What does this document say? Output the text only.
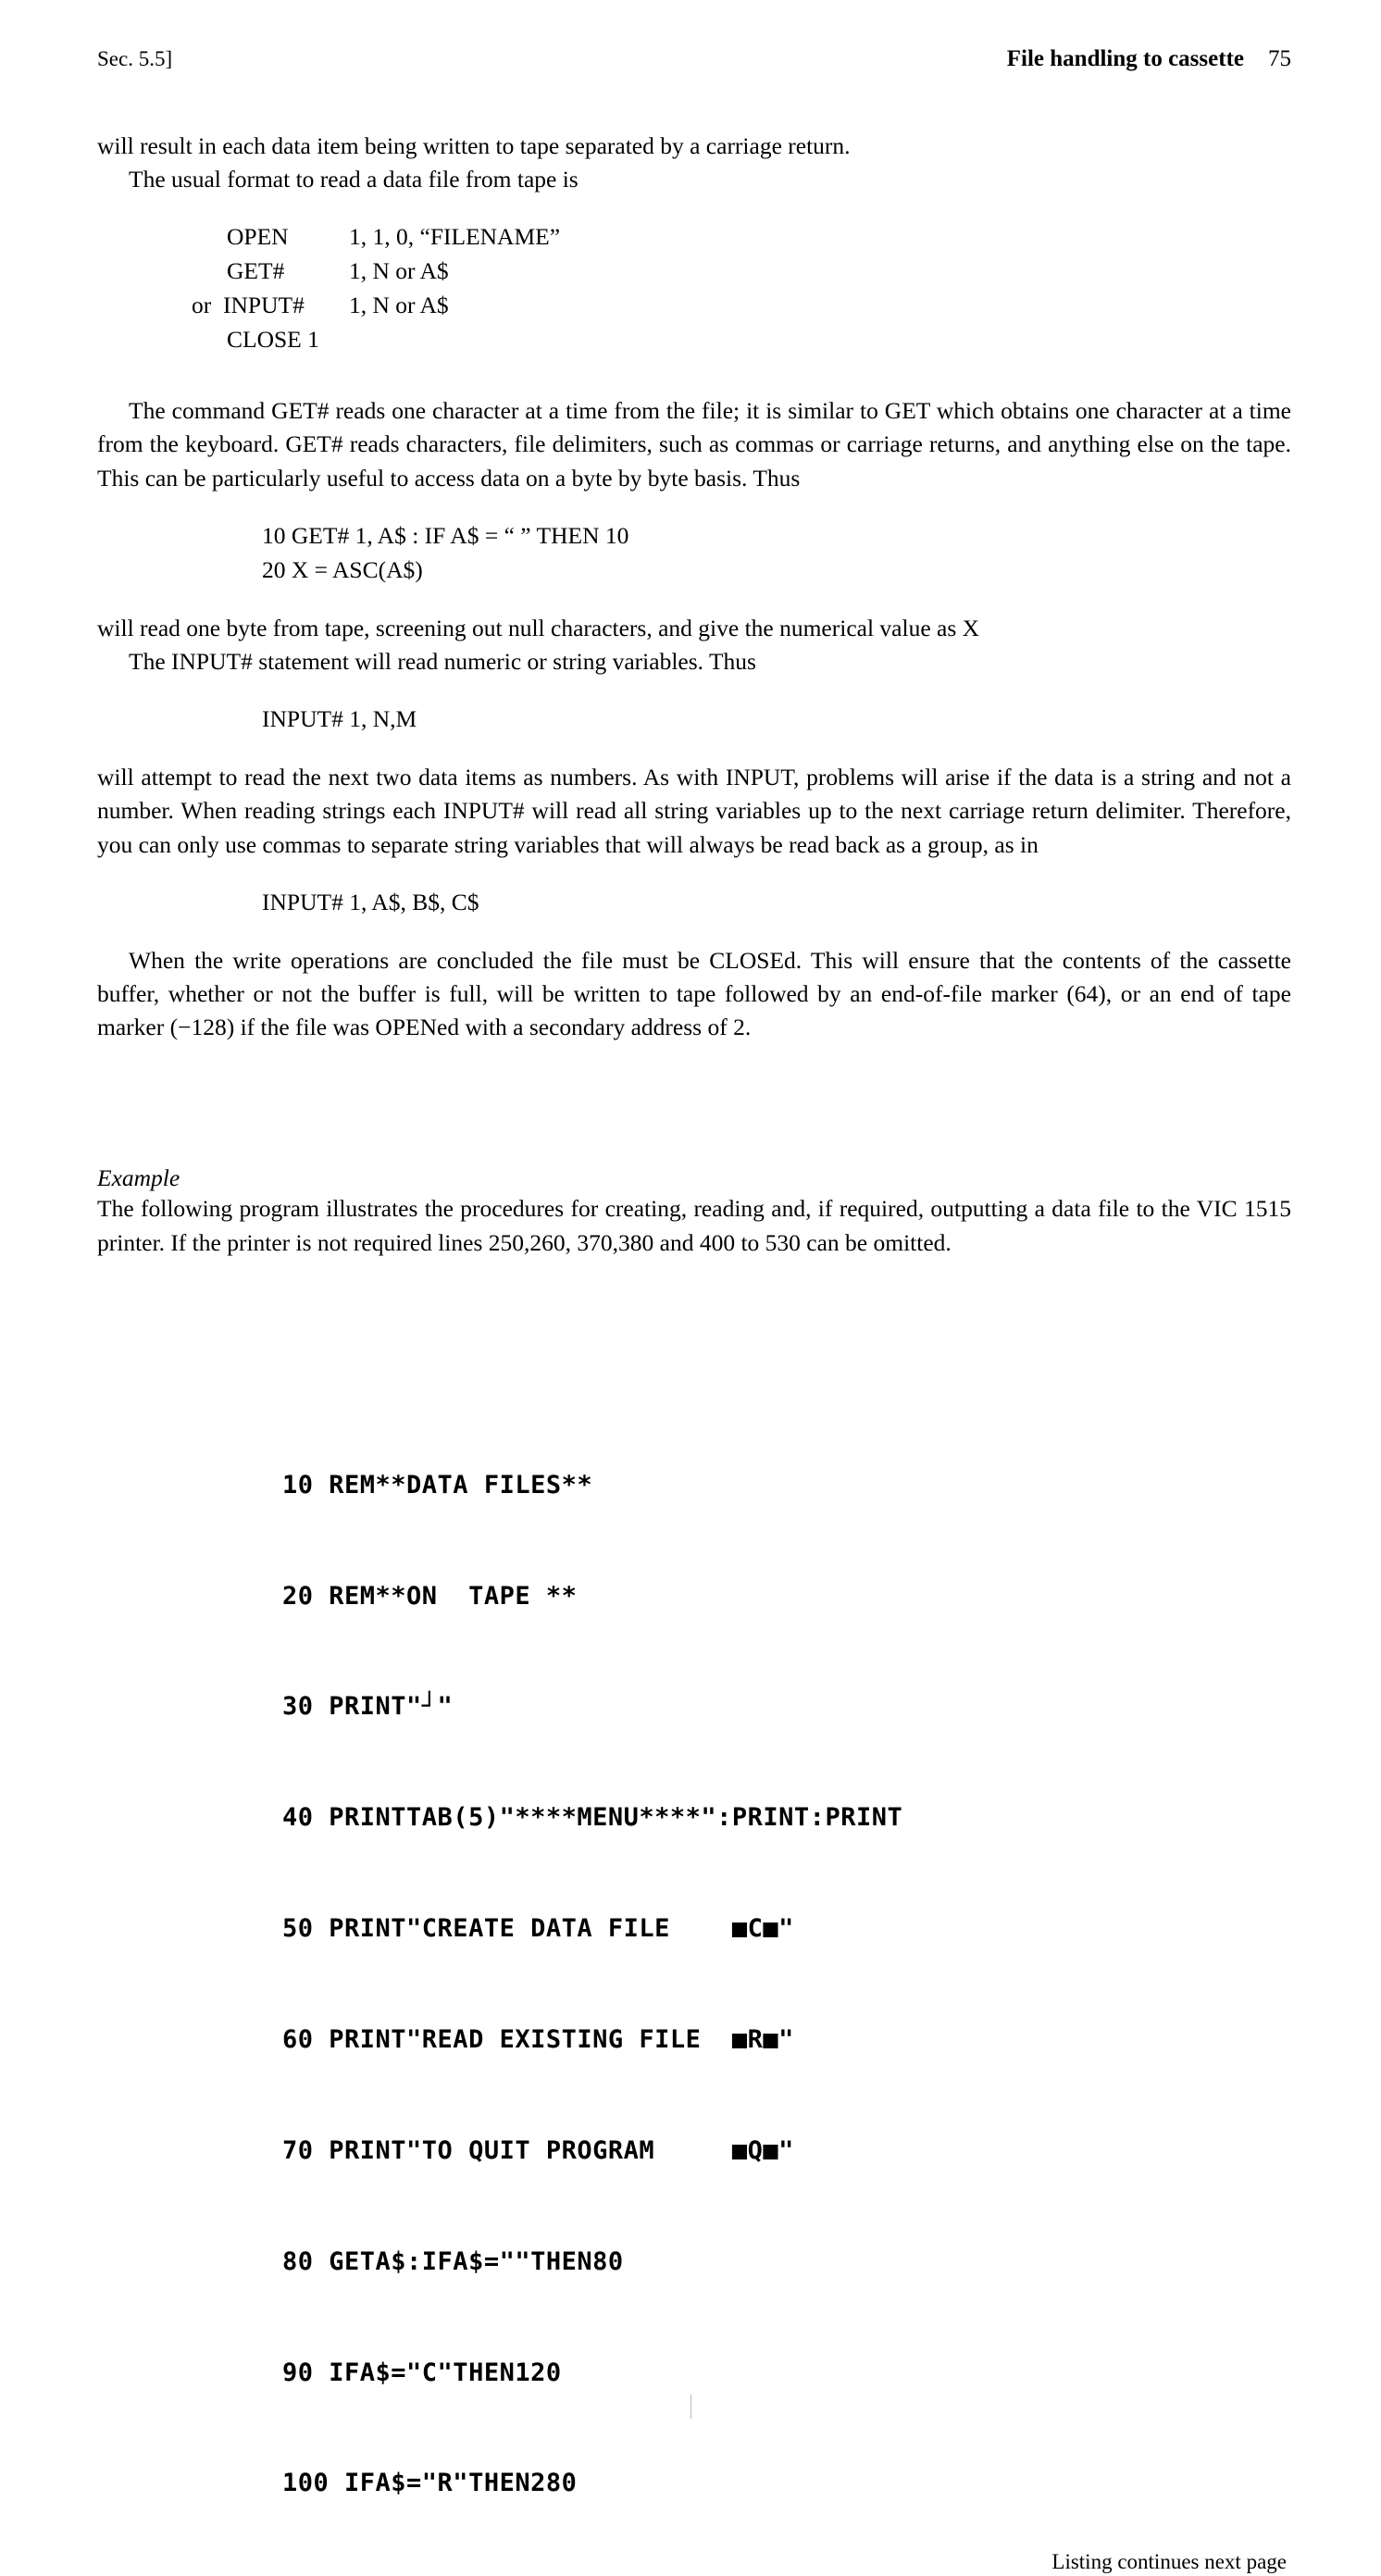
Sec. 5.5]	File handling to cassette 75

will result in each data item being written to tape separated by a carriage return.

The usual format to read a data file from tape is

OPEN	1, 1, 0, “FILENAME”
GET#	1, N or A$
or  INPUT#	1, N or A$
CLOSE 1

The command GET# reads one character at a time from the file; it is similar to GET which obtains one character at a time from the keyboard. GET# reads characters, file delimiters, such as commas or carriage returns, and anything else on the tape. This can be particularly useful to access data on a byte by byte basis. Thus

10 GET# 1, A$ : IF A$ = “ ” THEN 10
20 X = ASC(A$)

will read one byte from tape, screening out null characters, and give the numerical value as X

The INPUT# statement will read numeric or string variables. Thus

INPUT# 1, N,M

will attempt to read the next two data items as numbers. As with INPUT, problems will arise if the data is a string and not a number. When reading strings each INPUT# will read all string variables up to the next carriage return delimiter. Therefore, you can only use commas to separate string variables that will always be read back as a group, as in

INPUT# 1, A$, B$, C$

When the write operations are concluded the file must be CLOSEd. This will ensure that the contents of the cassette buffer, whether or not the buffer is full, will be written to tape followed by an end-of-file marker (64), or an end of tape marker (−128) if the file was OPENed with a secondary address of 2.

Example

The following program illustrates the procedures for creating, reading and, if required, outputting a data file to the VIC 1515 printer. If the printer is not required lines 250,260, 370,380 and 400 to 530 can be omitted.

10 REM**DATA FILES**

20 REM**ON  TAPE **

30 PRINT"┘"

40 PRINTTAB(5)"****MENU****":PRINT:PRINT

50 PRINT"CREATE DATA FILE    ■C■"

60 PRINT"READ EXISTING FILE  ■R■"

70 PRINT"TO QUIT PROGRAM     ■Q■"

80 GETA$:IFA$=""THEN80

90 IFA$="C"THEN120

100 IFA$="R"THEN280

Listing continues next page
